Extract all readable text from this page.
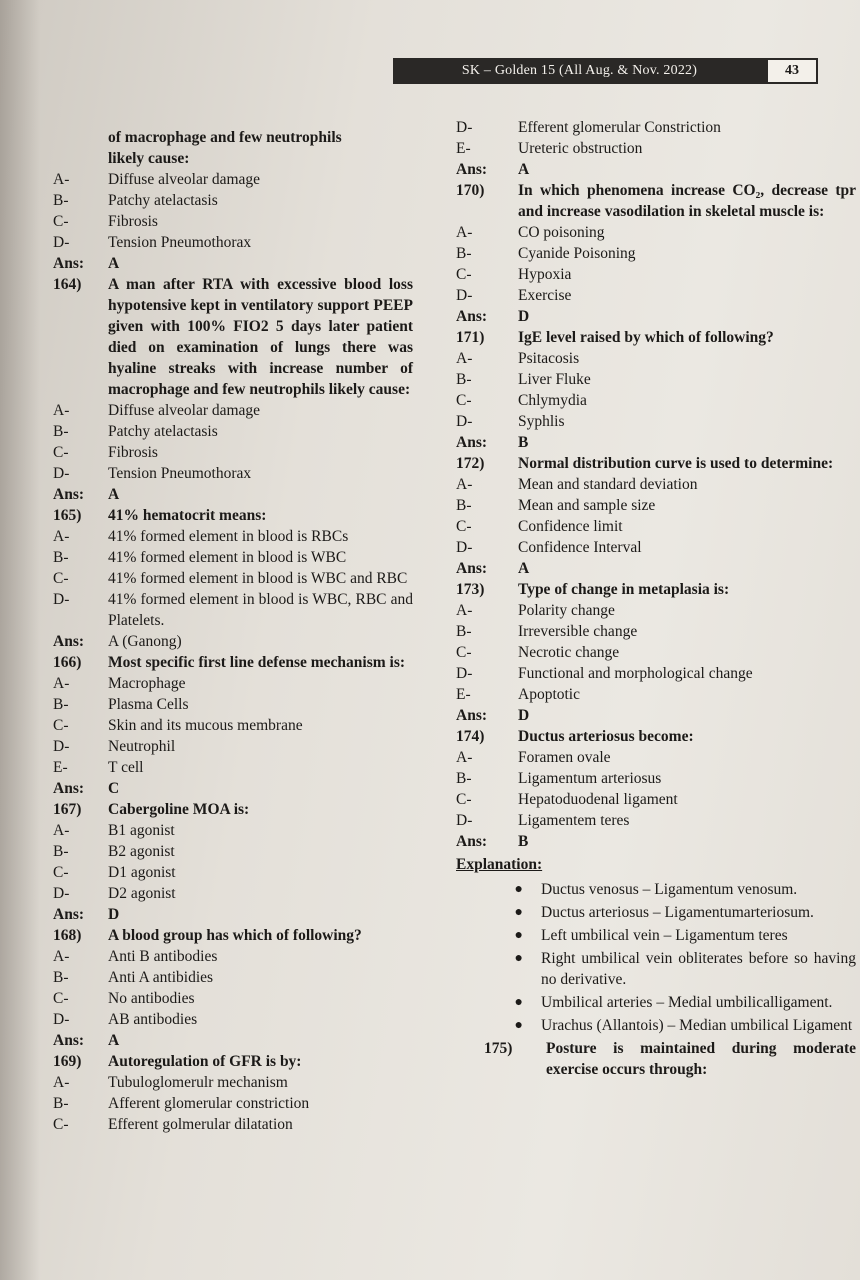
SK – Golden 15 (All Aug. & Nov. 2022)	43
of macrophage and few neutrophils
likely cause:
A-	Diffuse alveolar damage
B-	Patchy atelactasis
C-	Fibrosis
D-	Tension Pneumothorax
Ans:	A
164)	A man after RTA with excessive blood loss hypotensive kept in ventilatory support PEEP given with 100% FIO2 5 days later patient died on examination of lungs there was hyaline streaks with increase number of macrophage and few neutrophils likely cause:
A-	Diffuse alveolar damage
B-	Patchy atelactasis
C-	Fibrosis
D-	Tension Pneumothorax
Ans:	A
165)	41% hematocrit means:
A-	41% formed element in blood is RBCs
B-	41% formed element in blood is WBC
C-	41% formed element in blood is WBC and RBC
D-	41% formed element in blood is WBC, RBC and Platelets.
Ans:	A (Ganong)
166)	Most specific first line defense mechanism is:
A-	Macrophage
B-	Plasma Cells
C-	Skin and its mucous membrane
D-	Neutrophil
E-	T cell
Ans:	C
167)	Cabergoline MOA is:
A-	B1 agonist
B-	B2 agonist
C-	D1 agonist
D-	D2 agonist
Ans:	D
168)	A blood group has which of following?
A-	Anti B antibodies
B-	Anti A antibidies
C-	No antibodies
D-	AB antibodies
Ans:	A
169)	Autoregulation of GFR is by:
A-	Tubuloglomerulr mechanism
B-	Afferent glomerular constriction
C-	Efferent golmerular dilatation
D-	Efferent glomerular Constriction
E-	Ureteric obstruction
Ans:	A
170)	In which phenomena increase CO₂, decrease tpr and increase vasodilation in skeletal muscle is:
A-	CO poisoning
B-	Cyanide Poisoning
C-	Hypoxia
D-	Exercise
Ans:	D
171)	IgE level raised by which of following?
A-	Psitacosis
B-	Liver Fluke
C-	Chlymydia
D-	Syphlis
Ans:	B
172)	Normal distribution curve is used to determine:
A-	Mean and standard deviation
B-	Mean and sample size
C-	Confidence limit
D-	Confidence Interval
Ans:	A
173)	Type of change in metaplasia is:
A-	Polarity change
B-	Irreversible change
C-	Necrotic change
D-	Functional and morphological change
E-	Apoptotic
Ans:	D
174)	Ductus arteriosus become:
A-	Foramen ovale
B-	Ligamentum arteriosus
C-	Hepatoduodenal ligament
D-	Ligamentem teres
Ans:	B
Explanation:
●	Ductus venosus – Ligamentum venosum.
●	Ductus arteriosus – Ligamentumarteriosum.
●	Left umbilical vein – Ligamentum teres
●	Right umbilical vein obliterates before so having no derivative.
●	Umbilical arteries – Medial umbilicalligament.
●	Urachus (Allantois) – Median umbilical Ligament
175)	Posture is maintained during moderate exercise occurs through:
